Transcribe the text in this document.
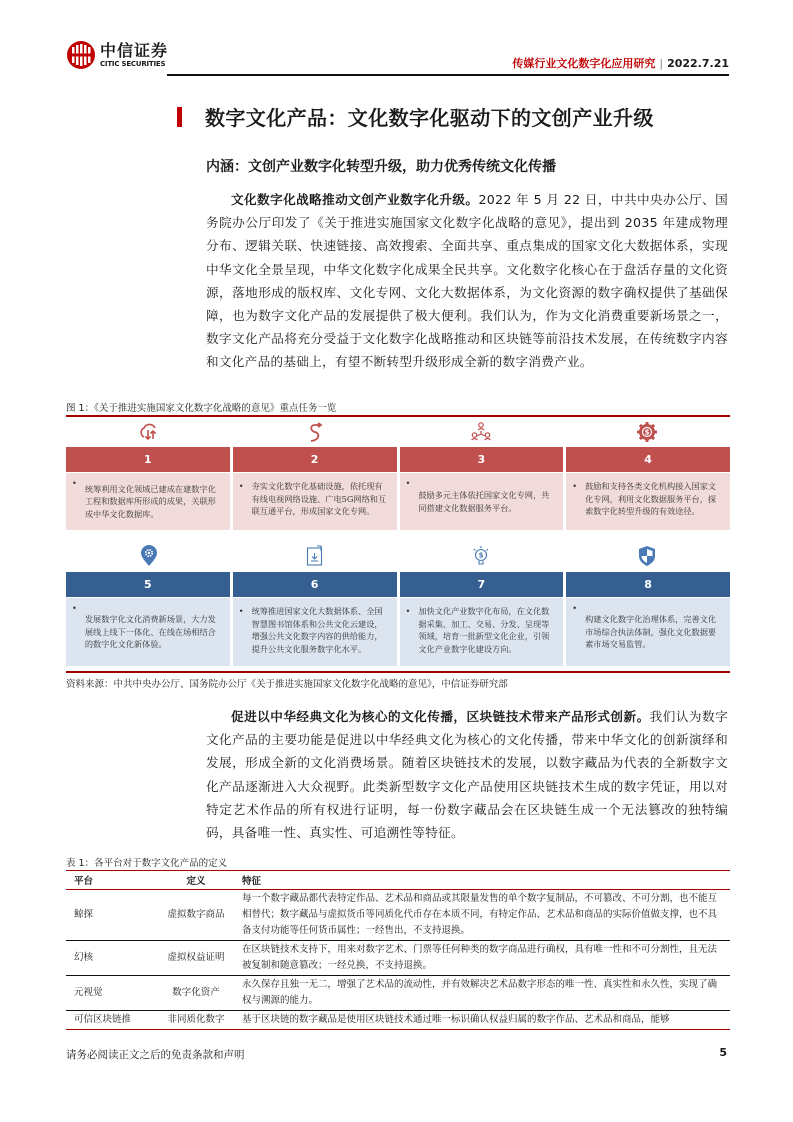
中信证券
CITIC SECURITIES	传媒行业文化数字化应用研究 | 2022.7.21
数字文化产品：文化数字化驱动下的文创产业升级
内涵：文创产业数字化转型升级，助力优秀传统文化传播
文化数字化战略推动文创产业数字化升级。2022 年 5 月 22 日，中共中央办公厅、国务院办公厅印发了《关于推进实施国家文化数字化战略的意见》，提出到 2035 年建成物理分布、逻辑关联、快速链接、高效搜索、全面共享、重点集成的国家文化大数据体系，实现中华文化全景呈现，中华文化数字化成果全民共享。文化数字化核心在于盘活存量的文化资源，落地形成的版权库、文化专网、文化大数据体系，为文化资源的数字确权提供了基础保障，也为数字文化产品的发展提供了极大便利。我们认为，作为文化消费重要新场景之一，数字文化产品将充分受益于文化数字化战略推动和区块链等前沿技术发展，在传统数字内容和文化产品的基础上，有望不断转型升级形成全新的数字消费产业。
图 1：《关于推进实施国家文化数字化战略的意见》重点任务一览
$
1	2	3	4
•
统筹利用文化领域已建成在建数字化工程和数据库所形成的成果，关联形成中华文化数据库。
• 夯实文化数字化基础设施，依托现有有线电视网络设施、广电5G网络和互联互通平台，形成国家文化专网。
•
鼓励多元主体依托国家文化专网，共同搭建文化数据服务平台。
• 鼓励和支持各类文化机构接入国家文化专网，利用文化数据服务平台，探索数字化转型升级的有效途径。
$
5	6	7	8
•
发展数字化文化消费新场景，大力发展线上线下一体化、在线在场相结合的数字化文化新体验。
• 统筹推进国家文化大数据体系、全国智慧图书馆体系和公共文化云建设，增强公共文化数字内容的供给能力，提升公共文化服务数字化水平。
• 加快文化产业数字化布局，在文化数据采集、加工、交易、分发、呈现等领域，培育一批新型文化企业，引领文化产业数字化建设方向。
•
构建文化数字化治理体系，完善文化市场综合执法体制，强化文化数据要素市场交易监管。
资料来源：中共中央办公厅、国务院办公厅《关于推进实施国家文化数字化战略的意见》，中信证券研究部
促进以中华经典文化为核心的文化传播，区块链技术带来产品形式创新。我们认为数字文化产品的主要功能是促进以中华经典文化为核心的文化传播，带来中华文化的创新演绎和发展，形成全新的文化消费场景。随着区块链技术的发展，以数字藏品为代表的全新数字文化产品逐渐进入大众视野。此类新型数字文化产品使用区块链技术生成的数字凭证，用以对特定艺术作品的所有权进行证明，每一份数字藏品会在区块链生成一个无法篡改的独特编码，具备唯一性、真实性、可追溯性等特征。
表 1：各平台对于数字文化产品的定义
平台	定义	特征
鲸探	虚拟数字商品	每一个数字藏品都代表特定作品、艺术品和商品或其限量发售的单个数字复制品，不可篡改、不可分割，也不能互相替代；数字藏品与虚拟货币等同质化代币存在本质不同，有特定作品、艺术品和商品的实际价值做支撑，也不具备支付功能等任何货币属性；一经售出，不支持退换。
幻核	虚拟权益证明	在区块链技术支持下，用来对数字艺术、门票等任何种类的数字商品进行确权，具有唯一性和不可分割性，且无法被复制和随意篡改；一经兑换，不支持退换。
元视觉	数字化资产	永久保存且独一无二，增强了艺术品的流动性，并有效解决艺术品数字形态的唯一性、真实性和永久性，实现了确权与溯源的能力。
可信区块链推	非同质化数字	基于区块链的数字藏品是使用区块链技术通过唯一标识确认权益归属的数字作品、艺术品和商品，能够
请务必阅读正文之后的免责条款和声明	5
